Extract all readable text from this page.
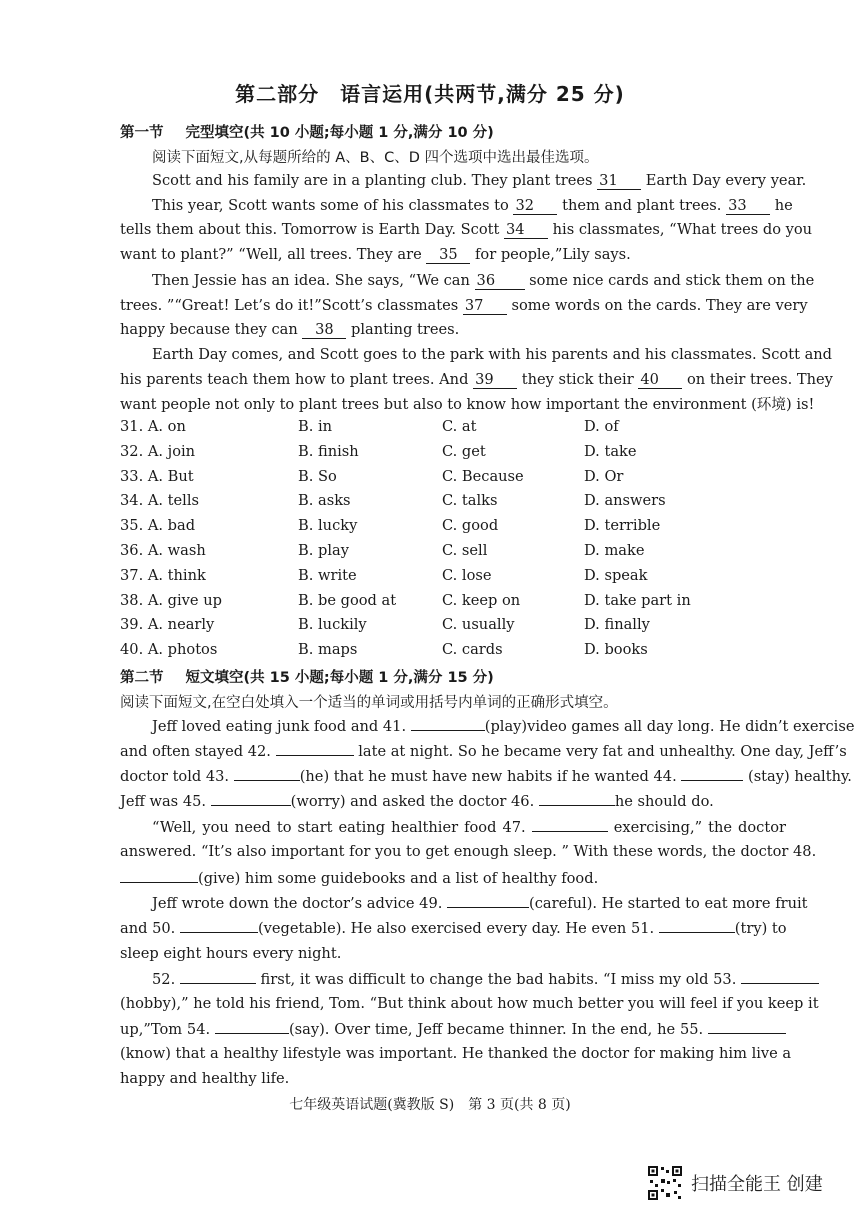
第二部分　语言运用(共两节,满分 25 分)
第一节 完型填空(共 10 小题;每小题 1 分,满分 10 分)
阅读下面短文,从每题所给的 A、B、C、D 四个选项中选出最佳选项。
Scott and his family are in a planting club. They plant trees 31 Earth Day every year.
This year, Scott wants some of his classmates to 32 them and plant trees. 33 he
tells them about this. Tomorrow is Earth Day. Scott 34 his classmates, “What trees do you
want to plant?” “Well, all trees. They are 35 for people,”Lily says.
Then Jessie has an idea. She says, “We can 36 some nice cards and stick them on the
trees. ”“Great! Let’s do it!”Scott’s classmates 37 some words on the cards. They are very
happy because they can 38 planting trees.
Earth Day comes, and Scott goes to the park with his parents and his classmates. Scott and
his parents teach them how to plant trees. And 39 they stick their 40 on their trees. They
want people not only to plant trees but also to know how important the environment (环境) is!
31. A. on	B. in	C. at	D. of
32. A. join	B. finish	C. get	D. take
33. A. But	B. So	C. Because	D. Or
34. A. tells	B. asks	C. talks	D. answers
35. A. bad	B. lucky	C. good	D. terrible
36. A. wash	B. play	C. sell	D. make
37. A. think	B. write	C. lose	D. speak
38. A. give up	B. be good at	C. keep on	D. take part in
39. A. nearly	B. luckily	C. usually	D. finally
40. A. photos	B. maps	C. cards	D. books
第二节 短文填空(共 15 小题;每小题 1 分,满分 15 分)
阅读下面短文,在空白处填入一个适当的单词或用括号内单词的正确形式填空。
Jeff loved eating junk food and 41.	(play)video games all day long. He didn’t exercise
and often stayed 42.	late at night. So he became very fat and unhealthy. One day, Jeff’s
doctor told 43.	(he) that he must have new habits if he wanted 44.	(stay) healthy.
Jeff was 45.	(worry) and asked the doctor 46.	he should do.
“Well, you need to start eating healthier food 47.	exercising,” the doctor
answered. “It’s also important for you to get enough sleep. ” With these words, the doctor 48.
(give) him some guidebooks and a list of healthy food.
Jeff wrote down the doctor’s advice 49.	(careful). He started to eat more fruit
and 50.	(vegetable). He also exercised every day. He even 51.	(try) to
sleep eight hours every night.
52.	first, it was difficult to change the bad habits. “I miss my old 53.
(hobby),” he told his friend, Tom. “But think about how much better you will feel if you keep it
up,”Tom 54.	(say). Over time, Jeff became thinner. In the end, he 55.
(know) that a healthy lifestyle was important. He thanked the doctor for making him live a
happy and healthy life.
七年级英语试题(冀教版 S)　第 3 页(共 8 页)
扫描全能王 创建
